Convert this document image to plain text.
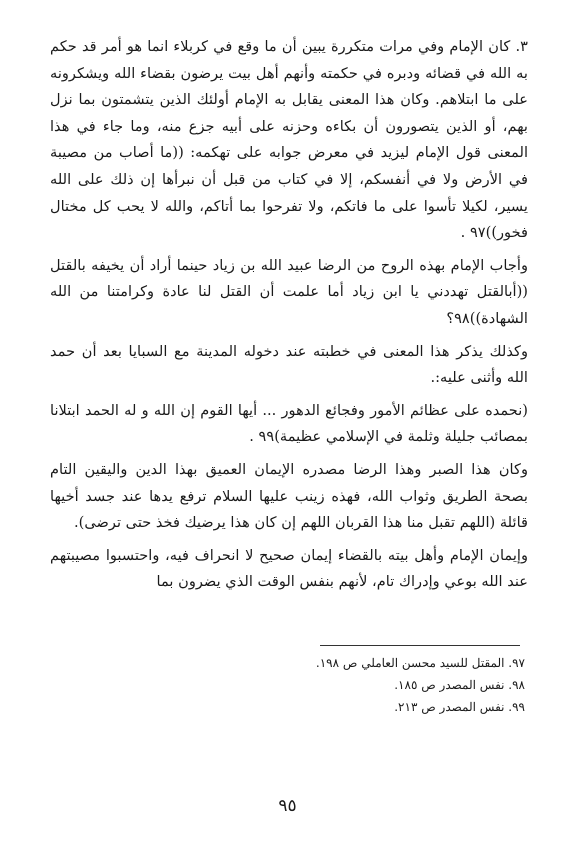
٣. كان الإمام وفي مرات متكررة يبين أن ما وقع في كربلاء انما هو أمر قد حكم به الله في قضائه ودبره في حكمته وأنهم أهل بيت يرضون بقضاء الله ويشكرونه على ما ابتلاهم. وكان هذا المعنى يقابل به الإمام أولئك الذين يتشمتون بما نزل بهم، أو الذين يتصورون أن بكاءه وحزنه على أبيه جزع منه، وما جاء في هذا المعنى قول الإمام ليزيد في معرض جوابه على تهكمه: ((ما أصاب من مصيبة في الأرض ولا في أنفسكم، إلا في كتاب من قبل أن نبرأها إن ذلك على الله يسير، لكيلا تأسوا على ما فاتكم، ولا تفرحوا بما أتاكم، والله لا يحب كل مختال فخور))٩٧ .

وأجاب الإمام بهذه الروح من الرضا عبيد الله بن زياد حينما أراد أن يخيفه بالقتل ((أبالقتل تهددني يا ابن زياد أما علمت أن القتل لنا عادة وكرامتنا من الله الشهادة))٩٨؟

وكذلك يذكر هذا المعنى في خطبته عند دخوله المدينة مع السبايا بعد أن حمد الله وأثنى عليه:.

(نحمده على عظائم الأمور وفجائع الدهور ... أيها القوم إن الله و له الحمد ابتلانا بمصائب جليلة وثلمة في الإسلامي عظيمة)٩٩ .

وكان هذا الصبر وهذا الرضا مصدره الإيمان العميق بهذا الدين واليقين التام بصحة الطريق وثواب الله، فهذه زينب عليها السلام ترفع يدها عند جسد أخيها قائلة (اللهم تقبل منا هذا القربان اللهم إن كان هذا يرضيك فخذ حتى ترضى).

وإيمان الإمام وأهل بيته بالقضاء إيمان صحيح لا انحراف فيه، واحتسبوا مصيبتهم عند الله بوعي وإدراك تام، لأنهم بنفس الوقت الذي يضرون بما

٩٧. المقتل للسيد محسن العاملي ص ١٩٨.

٩٨. نفس المصدر ص ١٨٥.

٩٩. نفس المصدر ص ٢١٣.

٩٥
